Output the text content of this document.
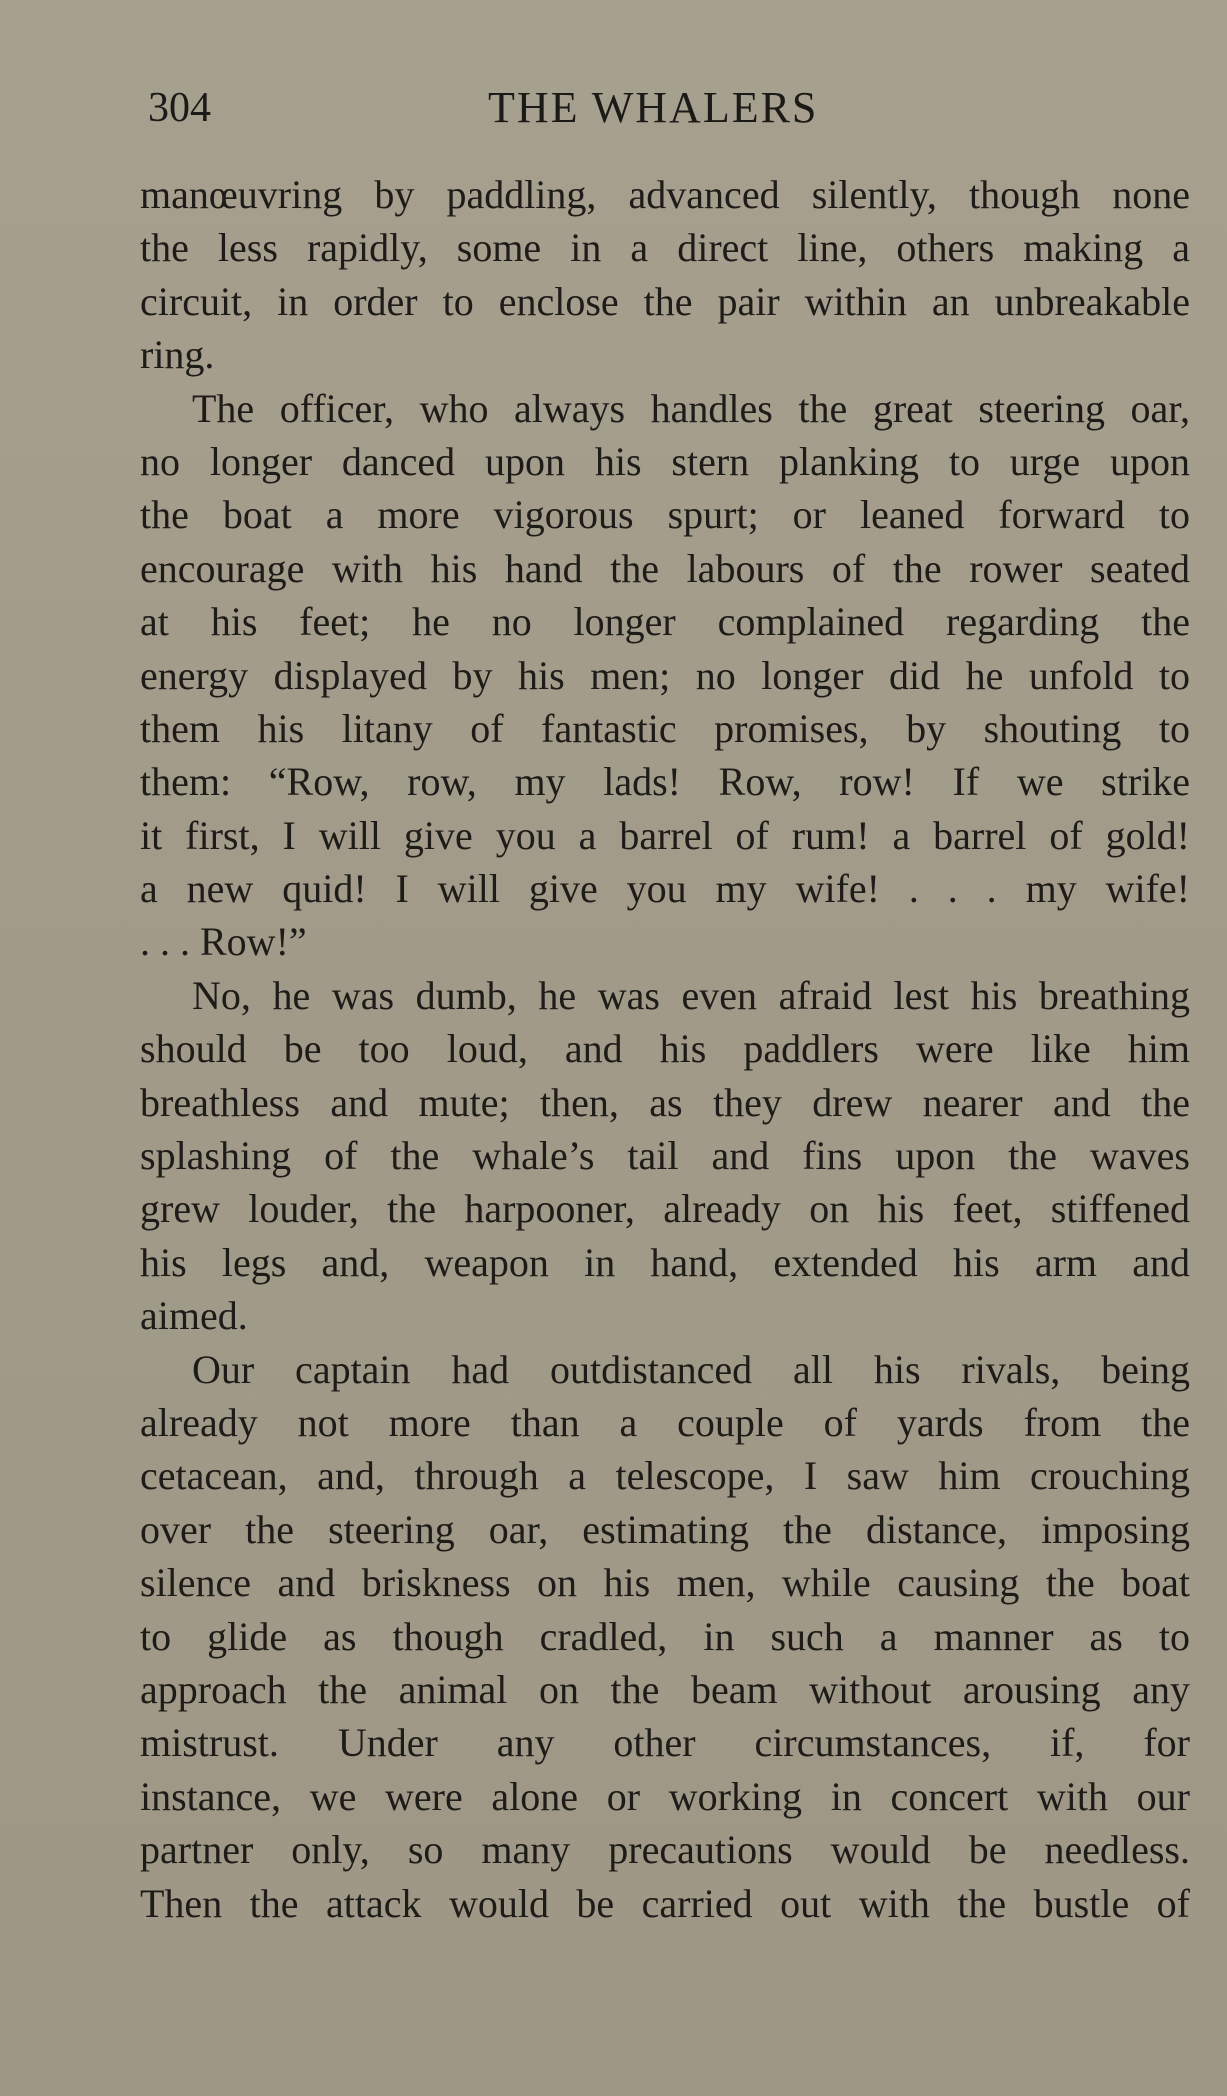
304	THE WHALERS
manœuvring by paddling, advanced silently, though none
the less rapidly, some in a direct line, others making a
circuit, in order to enclose the pair within an unbreakable
ring.
The officer, who always handles the great steering oar,
no longer danced upon his stern planking to urge upon
the boat a more vigorous spurt; or leaned forward to
encourage with his hand the labours of the rower seated
at his feet; he no longer complained regarding the
energy displayed by his men; no longer did he unfold to
them his litany of fantastic promises, by shouting to
them: “Row, row, my lads! Row, row! If we strike
it first, I will give you a barrel of rum! a barrel of gold!
a new quid! I will give you my wife! . . . my wife!
. . . Row!”
No, he was dumb, he was even afraid lest his breathing
should be too loud, and his paddlers were like him
breathless and mute; then, as they drew nearer and the
splashing of the whale’s tail and fins upon the waves
grew louder, the harpooner, already on his feet, stiffened
his legs and, weapon in hand, extended his arm and
aimed.
Our captain had outdistanced all his rivals, being
already not more than a couple of yards from the
cetacean, and, through a telescope, I saw him crouching
over the steering oar, estimating the distance, imposing
silence and briskness on his men, while causing the boat
to glide as though cradled, in such a manner as to
approach the animal on the beam without arousing any
mistrust. Under any other circumstances, if, for
instance, we were alone or working in concert with our
partner only, so many precautions would be needless.
Then the attack would be carried out with the bustle of
